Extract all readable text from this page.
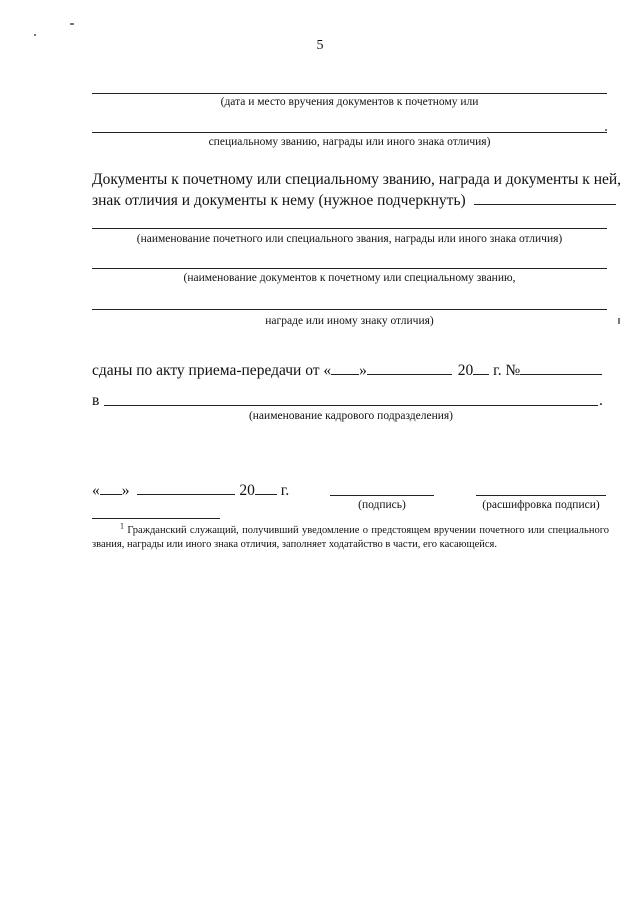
5
(дата и место вручения документов к почетному или
специальному званию, награды или иного знака отличия)
Документы к почетному или специальному званию, награда и документы к ней,
знак отличия и документы к нему (нужное подчеркнуть)
(наименование почетного или специального звания, награды или иного знака отличия)
(наименование документов к почетному или специальному званию,
награде или иному знаку отличия)
сданы по акту приема-передачи от « »	20 г. №
в	.
(наименование кадрового подразделения)
« »	20 г.
(подпись)	(расшифровка подписи)
$^1$ Гражданский служащий, получивший уведомление о предстоящем вручении почетного или специального звания, награды или иного знака отличия, заполняет ходатайство в части, его касающейся.
